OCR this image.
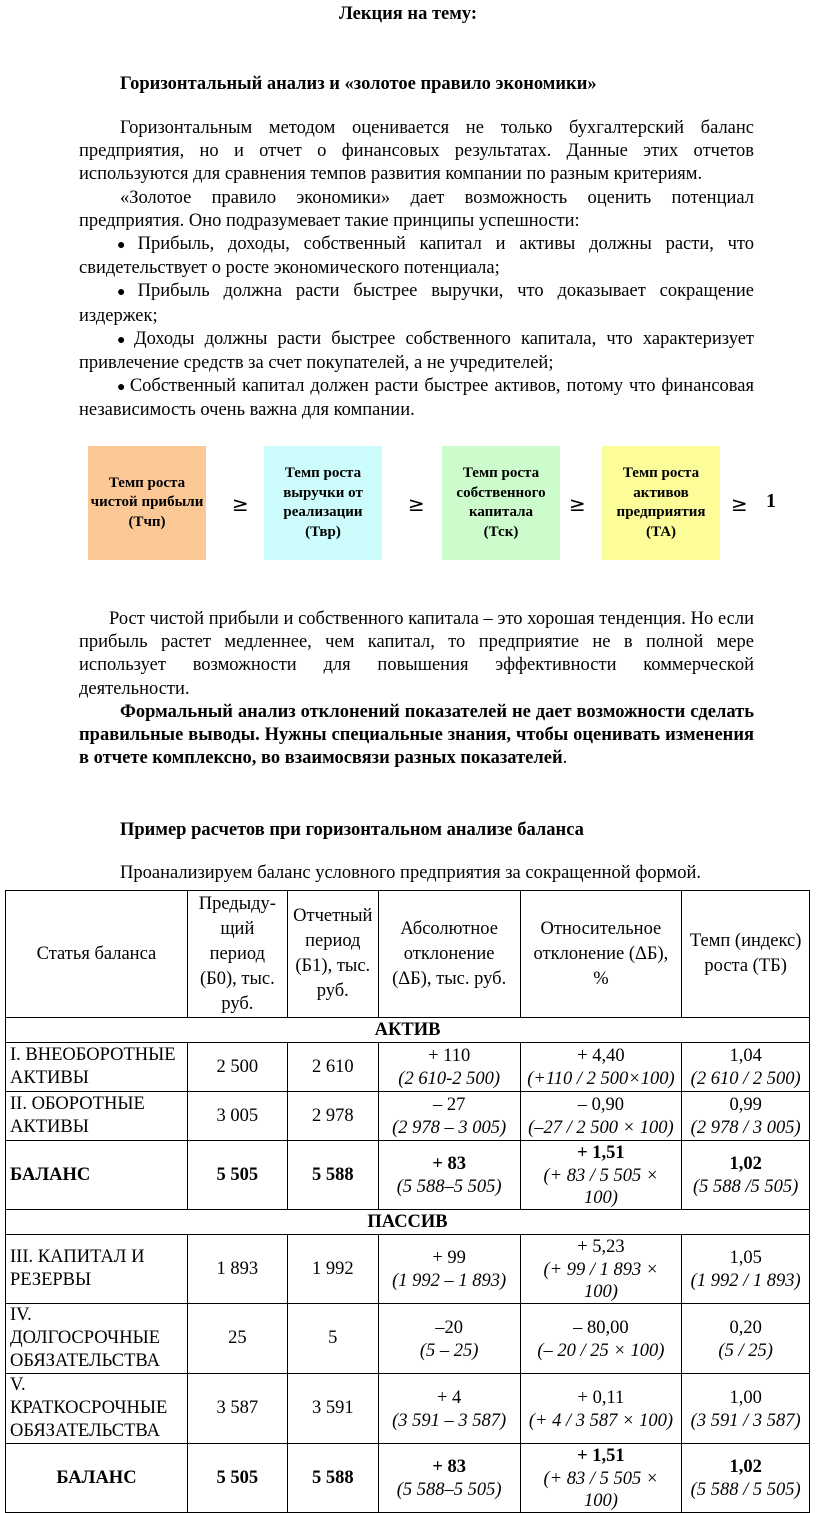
Лекция на тему:
Горизонтальный анализ и «золотое правило экономики»

Горизонтальным методом оценивается не только бухгалтерский баланс предприятия, но и отчет о финансовых результатах. Данные этих отчетов используются для сравнения темпов развития компании по разным критериям.

«Золотое правило экономики» дает возможность оценить потенциал предприятия. Оно подразумевает такие принципы успешности:

● Прибыль, доходы, собственный капитал и активы должны расти, что свидетельствует о росте экономического потенциала;

● Прибыль должна расти быстрее выручки, что доказывает сокращение издержек;

● Доходы должны расти быстрее собственного капитала, что характеризует привлечение средств за счет покупателей, а не учредителей;

● Собственный капитал должен расти быстрее активов, потому что финансовая независимость очень важна для компании.

Темп роста чистой прибыли
(Тчп)
≥
Темп роста выручки от реализации
(Твр)
≥
Темп роста собственного капитала
(Тск)
≥
Темп роста активов предприятия
(ТА)
≥ 1

Рост чистой прибыли и собственного капитала – это хорошая тенденция. Но если прибыль растет медленнее, чем капитал, то предприятие не в полной мере использует возможности для повышения эффективности коммерческой деятельности.

Формальный анализ отклонений показателей не дает возможности сделать правильные выводы. Нужны специальные знания, чтобы оценивать изменения в отчете комплексно, во взаимосвязи разных показателей.

Пример расчетов при горизонтальном анализе баланса
Проанализируем баланс условного предприятия за сокращенной формой.
Статья баланса	Предыду-щий период (Б0), тыс. руб.	Отчетный период (Б1), тыс. руб.	Абсолютное отклонение (ΔБ), тыс. руб.	Относительное отклонение (ΔБ), %	Темп (индекс) роста (ТБ)
АКТИВ					
I. ВНЕОБОРОТНЫЕ АКТИВЫ	2 500	2 610	+ 110
(2 610-2 500)	+ 4,40
(+110 / 2 500×100)	1,04
(2 610 / 2 500)

II. ОБОРОТНЫЕ АКТИВЫ	3 005	2 978	– 27
(2 978 – 3 005)	– 0,90
(–27 / 2 500 × 100)	0,99
(2 978 / 3 005)

БАЛАНС	5 505	5 588	+ 83
(5 588–5 505)	+ 1,51
(+ 83 / 5 505 × 100)	1,02
(5 588 /5 505)

ПАССИВ					
III. КАПИТАЛ И РЕЗЕРВЫ	1 893	1 992	+ 99
(1 992 – 1 893)	+ 5,23
(+ 99 / 1 893 × 100)	1,05
(1 992 / 1 893)

IV. ДОЛГОСРОЧНЫЕ ОБЯЗАТЕЛЬСТВА	25	5	–20
(5 – 25)	– 80,00
(– 20 / 25 × 100)	0,20
(5 / 25)

V. КРАТКОСРОЧНЫЕ ОБЯЗАТЕЛЬСТВА	3 587	3 591	+ 4
(3 591 – 3 587)	+ 0,11
(+ 4 / 3 587 × 100)	1,00
(3 591 / 3 587)

БАЛАНС	5 505	5 588	+ 83
(5 588–5 505)	+ 1,51
(+ 83 / 5 505 × 100)	1,02
(5 588 / 5 505)
